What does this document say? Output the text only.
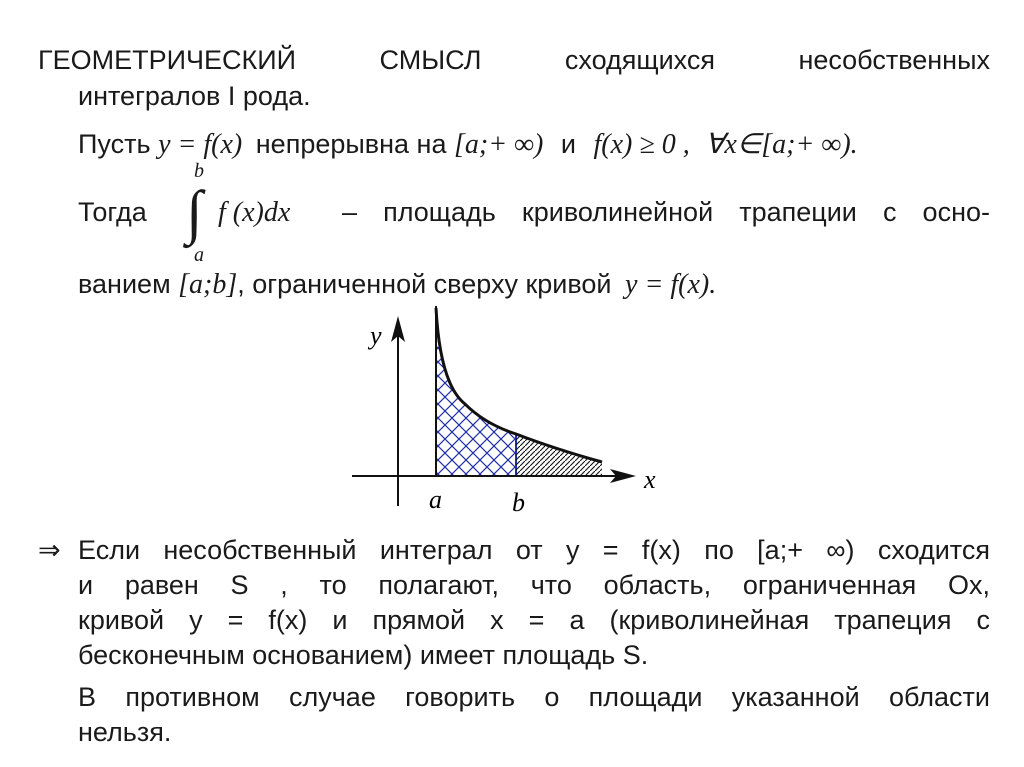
ГЕОМЕТРИЧЕСКИЙ	СМЫСЛ	сходящихся	несобственных
интегралов I рода.
Пусть y = f(x) непрерывна на [a;+ ∞) и f(x) ≥ 0 , ∀x∈[a;+ ∞).
Тогда
b
∫
a
f (x)dx – площадь криволинейной трапеции с осно-
ванием [a;b], ограниченной сверху кривой y = f(x).
y
x
a	b
⇒ Если несобственный интеграл от y = f(x) по [a;+ ∞) сходится
и равен S , то полагают, что область, ограниченная Ox,
кривой y = f(x) и прямой x = a (криволинейная трапеция с
бесконечным основанием) имеет площадь S.
В противном случае говорить о площади указанной области
нельзя.
